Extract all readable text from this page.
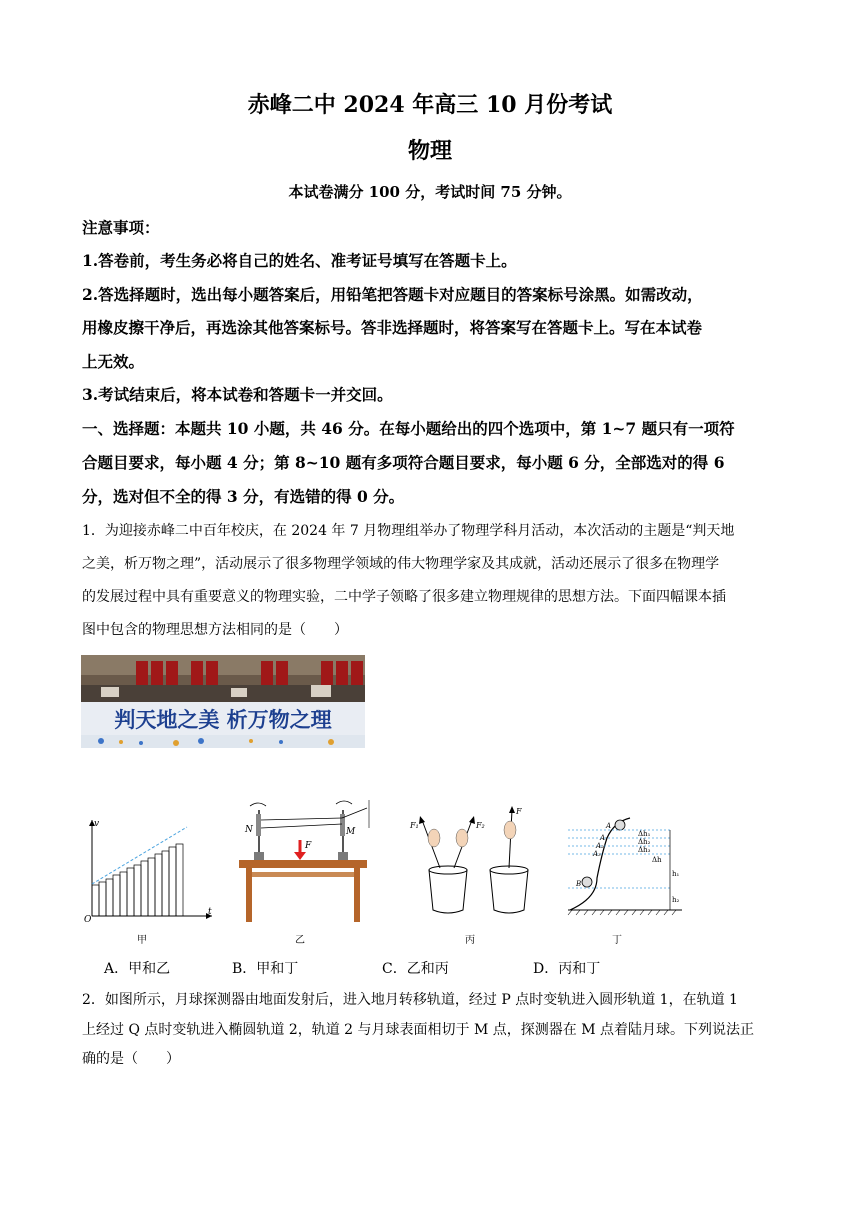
赤峰二中 2024 年高三 10 月份考试
物理
本试卷满分 100 分，考试时间 75 分钟。
注意事项：
1.答卷前，考生务必将自己的姓名、准考证号填写在答题卡上。
2.答选择题时，选出每小题答案后，用铅笔把答题卡对应题目的答案标号涂黑。如需改动，
用橡皮擦干净后，再选涂其他答案标号。答非选择题时，将答案写在答题卡上。写在本试卷
上无效。
3.考试结束后，将本试卷和答题卡一并交回。
一、选择题：本题共 10 小题，共 46 分。在每小题给出的四个选项中，第 1~7 题只有一项符
合题目要求，每小题 4 分；第 8~10 题有多项符合题目要求，每小题 6 分，全部选对的得 6
分，选对但不全的得 3 分，有选错的得 0 分。
1．为迎接赤峰二中百年校庆，在 2024 年 7 月物理组举办了物理学科月活动，本次活动的主题是“判天地
之美，析万物之理”，活动展示了很多物理学领域的伟大物理学家及其成就，活动还展示了很多在物理学
的发展过程中具有重要意义的物理实验，二中学子领略了很多建立物理规律的思想方法。下面四幅课本插
图中包含的物理思想方法相同的是（　　）
判天地之美 析万物之理
v
t
O
N	M
F
F₁	F₂
F
A
A₁
A₂
A₃
B
Δh₁
Δh₂
Δh₃
Δh
h₁
h₂
甲	乙	丙	丁
A．甲和乙	B．甲和丁	C．乙和丙	D．丙和丁
2．如图所示，月球探测器由地面发射后，进入地月转移轨道，经过 P 点时变轨进入圆形轨道 1，在轨道 1
上经过 Q 点时变轨进入椭圆轨道 2，轨道 2 与月球表面相切于 M 点，探测器在 M 点着陆月球。下列说法正
确的是（　　）
